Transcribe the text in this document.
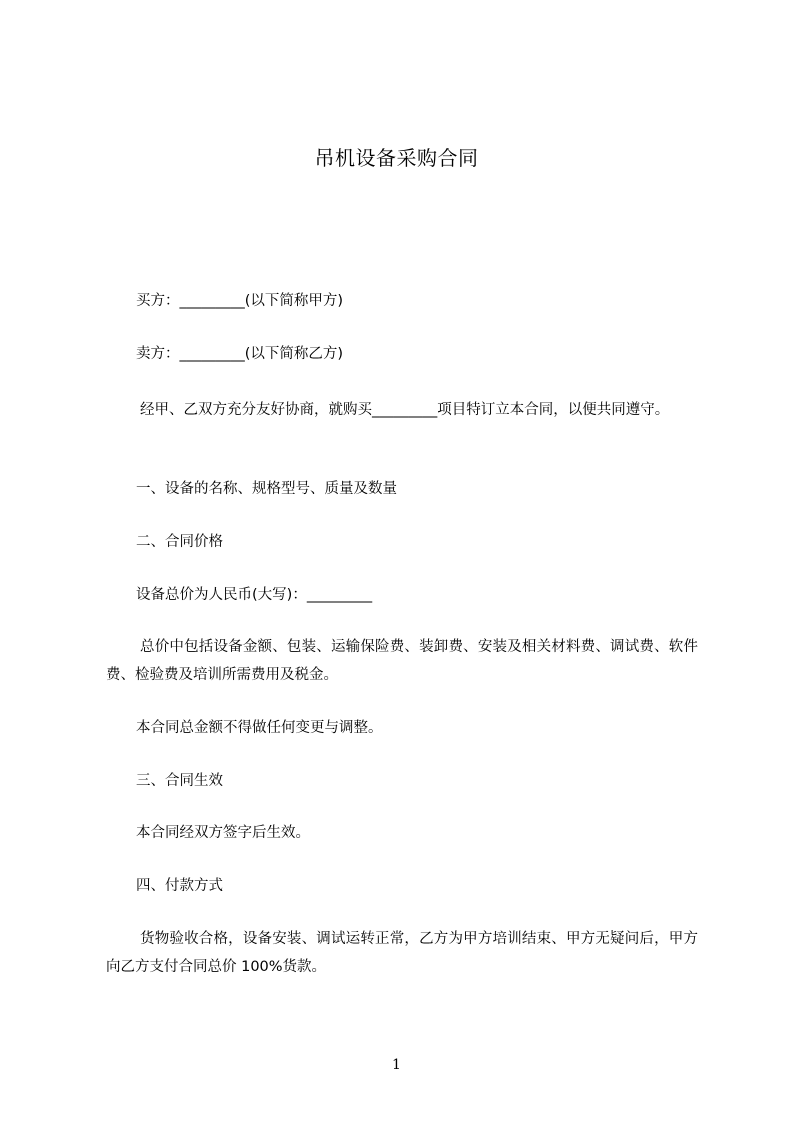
吊机设备采购合同
买方：_________(以下简称甲方)
卖方：_________(以下简称乙方)
经甲、乙双方充分友好协商，就购买_________项目特订立本合同，以便共同遵守。
一、设备的名称、规格型号、质量及数量
二、合同价格
设备总价为人民币(大写)：_________
总价中包括设备金额、包装、运输保险费、装卸费、安装及相关材料费、调试费、软件费、检验费及培训所需费用及税金。
本合同总金额不得做任何变更与调整。
三、合同生效
本合同经双方签字后生效。
四、付款方式
货物验收合格，设备安装、调试运转正常，乙方为甲方培训结束、甲方无疑问后，甲方向乙方支付合同总价 100%货款。
1
